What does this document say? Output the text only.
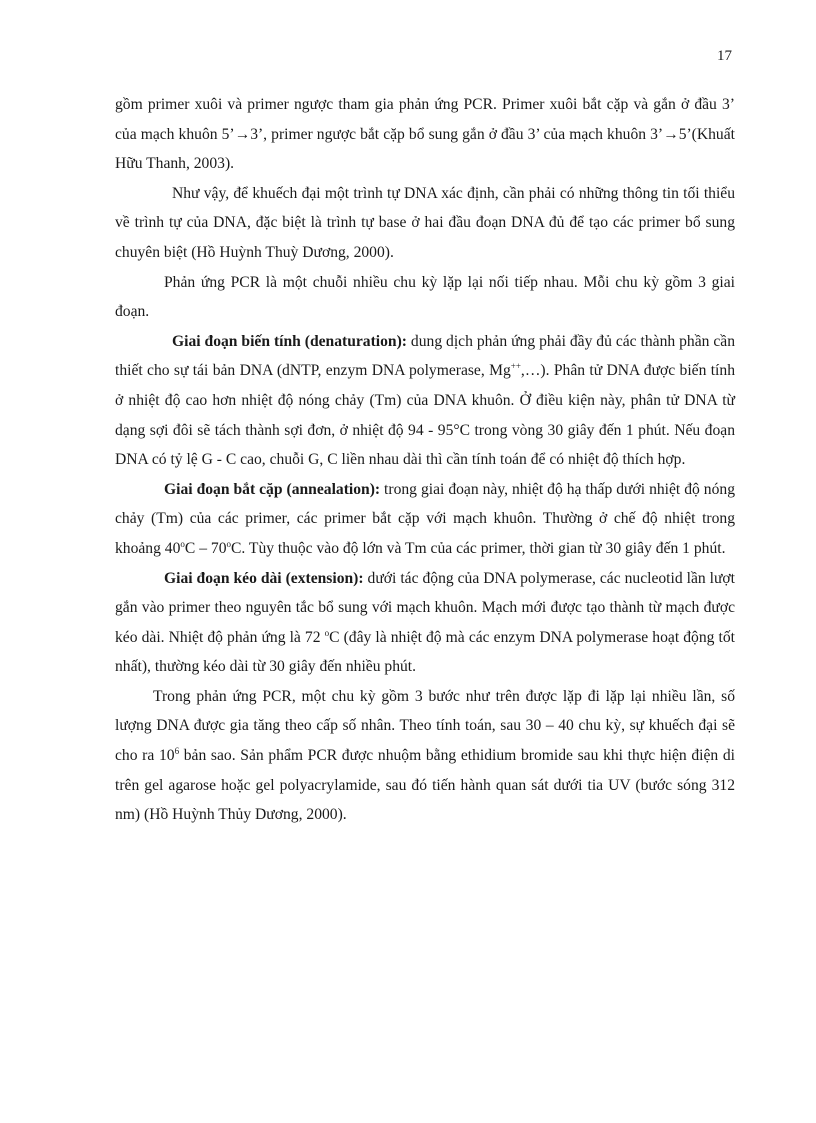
17

gồm primer xuôi và primer ngược tham gia phản ứng PCR. Primer xuôi bắt cặp và gắn ở đầu 3’ của mạch khuôn 5’→3’, primer ngược bắt cặp bổ sung gắn ở đầu 3’ của mạch khuôn 3’→5’(Khuất Hữu Thanh, 2003).

Như vậy, để khuếch đại một trình tự DNA xác định, cần phải có những thông tin tối thiểu về trình tự của DNA, đặc biệt là trình tự base ở hai đầu đoạn DNA đủ để tạo các primer bổ sung chuyên biệt (Hồ Huỳnh Thuỳ Dương, 2000).

Phản ứng PCR là một chuỗi nhiều chu kỳ lặp lại nối tiếp nhau. Mỗi chu kỳ gồm 3 giai đoạn.

Giai đoạn biến tính (denaturation): dung dịch phản ứng phải đầy đủ các thành phần cần thiết cho sự tái bản DNA (dNTP, enzym DNA polymerase, Mg++,…). Phân tử DNA được biến tính ở nhiệt độ cao hơn nhiệt độ nóng chảy (Tm) của DNA khuôn. Ở điều kiện này, phân tử DNA từ dạng sợi đôi sẽ tách thành sợi đơn, ở nhiệt độ 94 - 95°C trong vòng 30 giây đến 1 phút. Nếu đoạn DNA có tỷ lệ G - C cao, chuỗi G, C liền nhau dài thì cần tính toán để có nhiệt độ thích hợp.

Giai đoạn bắt cặp (annealation): trong giai đoạn này, nhiệt độ hạ thấp dưới nhiệt độ nóng chảy (Tm) của các primer, các primer bắt cặp với mạch khuôn. Thường ở chế độ nhiệt trong khoảng 40$^o$C – 70$^o$C. Tùy thuộc vào độ lớn và Tm của các primer, thời gian từ 30 giây đến 1 phút.

Giai đoạn kéo dài (extension): dưới tác động của DNA polymerase, các nucleotid lần lượt gắn vào primer theo nguyên tắc bổ sung với mạch khuôn. Mạch mới được tạo thành từ mạch được kéo dài. Nhiệt độ phản ứng là 72 $^o$C (đây là nhiệt độ mà các enzym DNA polymerase hoạt động tốt nhất), thường kéo dài từ 30 giây đến nhiều phút.

Trong phản ứng PCR, một chu kỳ gồm 3 bước như trên được lặp đi lặp lại nhiều lần, số lượng DNA được gia tăng theo cấp số nhân. Theo tính toán, sau 30 – 40 chu kỳ, sự khuếch đại sẽ cho ra $10^6$ bản sao. Sản phẩm PCR được nhuộm bằng ethidium bromide sau khi thực hiện điện di trên gel agarose hoặc gel polyacrylamide, sau đó tiến hành quan sát dưới tia UV (bước sóng 312 nm) (Hồ Huỳnh Thủy Dương, 2000).
